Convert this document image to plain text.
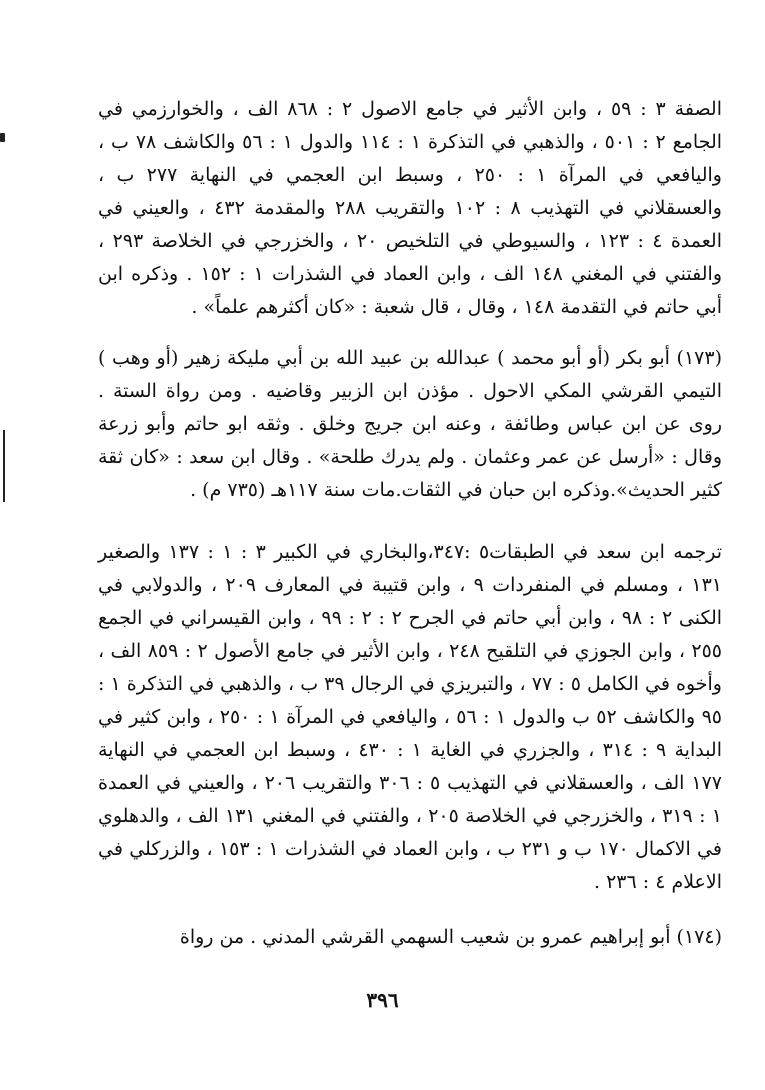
الصفة ٣ : ٥٩ ، وابن الأثير في جامع الاصول ٢ : ٨٦٨ الف ، والخوارزمي في الجامع ٢ : ٥٠١ ، والذهبي في التذكرة ١ : ١١٤ والدول ١ : ٥٦ والكاشف ٧٨ ب ، واليافعي في المرآة ١ : ٢٥٠ ، وسبط ابن العجمي في النهاية ٢٧٧ ب ، والعسقلاني في التهذيب ٨ : ١٠٢ والتقريب ٢٨٨ والمقدمة ٤٣٢ ، والعيني في العمدة ٤ : ١٢٣ ، والسيوطي في التلخيص ٢٠ ، والخزرجي في الخلاصة ٢٩٣ ، والفتني في المغني ١٤٨ الف ، وابن العماد في الشذرات ١ : ١٥٢ . وذكره ابن أبي حاتم في التقدمة ١٤٨ ، وقال ، قال شعبة : «كان أكثرهم علماً» .

(١٧٣) أبو بكر (أو أبو محمد ) عبدالله بن عبيد الله بن أبي مليكة زهير (أو وهب ) التيمي القرشي المكي الاحول . مؤذن ابن الزبير وقاضيه . ومن رواة الستة . روى عن ابن عباس وطائفة ، وعنه ابن جريج وخلق . وثقه ابو حاتم وأبو زرعة وقال : «أرسل عن عمر وعثمان . ولم يدرك طلحة» . وقال ابن سعد : «كان ثقة كثير الحديث».وذكره ابن حبان في الثقات.مات سنة ١١٧هـ (٧٣٥ م) .

ترجمه ابن سعد في الطبقات٥ :٣٤٧،والبخاري في الكبير ٣ : ١ : ١٣٧ والصغير ١٣١ ، ومسلم في المنفردات ٩ ، وابن قتيبة في المعارف ٢٠٩ ، والدولابي في الكنى ٢ : ٩٨ ، وابن أبي حاتم في الجرح ٢ : ٢ : ٩٩ ، وابن القيسراني في الجمع ٢٥٥ ، وابن الجوزي في التلقيح ٢٤٨ ، وابن الأثير في جامع الأصول ٢ : ٨٥٩ الف ، وأخوه في الكامل ٥ : ٧٧ ، والتبريزي في الرجال ٣٩ ب ، والذهبي في التذكرة ١ : ٩٥ والكاشف ٥٢ ب والدول ١ : ٥٦ ، واليافعي في المرآة ١ : ٢٥٠ ، وابن كثير في البداية ٩ : ٣١٤ ، والجزري في الغاية ١ : ٤٣٠ ، وسبط ابن العجمي في النهاية ١٧٧ الف ، والعسقلاني في التهذيب ٥ : ٣٠٦ والتقريب ٢٠٦ ، والعيني في العمدة ١ : ٣١٩ ، والخزرجي في الخلاصة ٢٠٥ ، والفتني في المغني ١٣١ الف ، والدهلوي في الاكمال ١٧٠ ب و ٢٣١ ب ، وابن العماد في الشذرات ١ : ١٥٣ ، والزركلي في الاعلام ٤ : ٢٣٦ .

(١٧٤) أبو إبراهيم عمرو بن شعيب السهمي القرشي المدني . من رواة

٣٩٦
